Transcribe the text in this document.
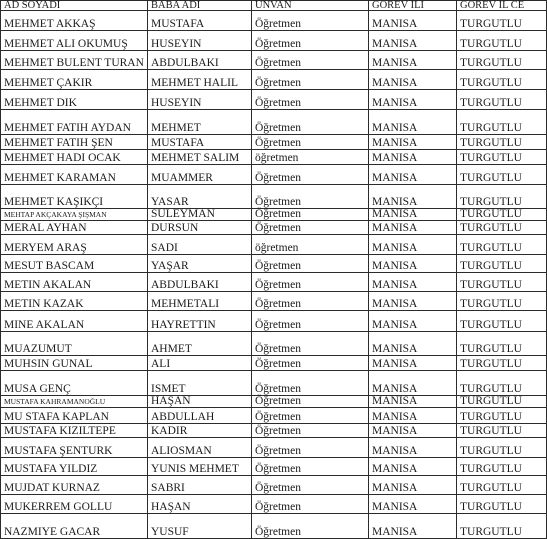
AD SOYADI	BABA ADI	UNVAN	GOREV ILI	GOREV IL CE
MEHMET AKKAŞ	MUSTAFA	Öğretmen	MANISA	TURGUTLU
MEHMET ALI OKUMUŞ	HUSEYIN	Öğretmen	MANISA	TURGUTLU
MEHMET BULENT TURAN	ABDULBAKI	Öğretmen	MANISA	TURGUTLU
MEHMET ÇAKIR	MEHMET HALIL	Öğretmen	MANISA	TURGUTLU
MEHMET DIK	HUSEYIN	Öğretmen	MANISA	TURGUTLU
MEHMET FATIH AYDAN	MEHMET	Öğretmen	MANISA	TURGUTLU
MEHMET FATIH ŞEN	MUSTAFA	Öğretmen	MANISA	TURGUTLU
MEHMET HADI OCAK	MEHMET SALIM	öğretmen	MANISA	TURGUTLU
MEHMET KARAMAN	MUAMMER	Öğretmen	MANISA	TURGUTLU
MEHMET KAŞIKÇI	YASAR	Öğretmen	MANISA	TURGUTLU
MEHTAP AKÇAKAYA ŞIŞMAN	SULEYMAN	Öğretmen	MANISA	TURGUTLU
MERAL AYHAN	DURSUN	Öğretmen	MANISA	TURGUTLU
MERYEM ARAŞ	SADI	öğretmen	MANISA	TURGUTLU
MESUT BASCAM	YAŞAR	Öğretmen	MANISA	TURGUTLU
METIN AKALAN	ABDULBAKI	Öğretmen	MANISA	TURGUTLU
METIN KAZAK	MEHMETALI	Öğretmen	MANISA	TURGUTLU
MINE AKALAN	HAYRETTIN	Öğretmen	MANISA	TURGUTLU
MUAZUMUT	AHMET	Öğretmen	MANISA	TURGUTLU
MUHSIN GUNAL	ALI	Öğretmen	MANISA	TURGUTLU
MUSA GENÇ	ISMET	Öğretmen	MANISA	TURGUTLU
MUSTAFA KAHRAMANOĞLU	HAŞAN	Öğretmen	MANISA	TURGUTLU
MU STAFA KAPLAN	ABDULLAH	Öğretmen	MANISA	TURGUTLU
MUSTAFA KIZILTEPE	KADIR	Öğretmen	MANISA	TURGUTLU
MUSTAFA ŞENTURK	ALIOSMAN	Öğretmen	MANISA	TURGUTLU
MUSTAFA YILDIZ	YUNIS MEHMET	Öğretmen	MANISA	TURGUTLU
MUJDAT KURNAZ	SABRI	Öğretmen	MANISA	TURGUTLU
MUKERREM GOLLU	HAŞAN	Öğretmen	MANISA	TURGUTLU
NAZMIYE GACAR	YUSUF	Öğretmen	MANISA	TURGUTLU
